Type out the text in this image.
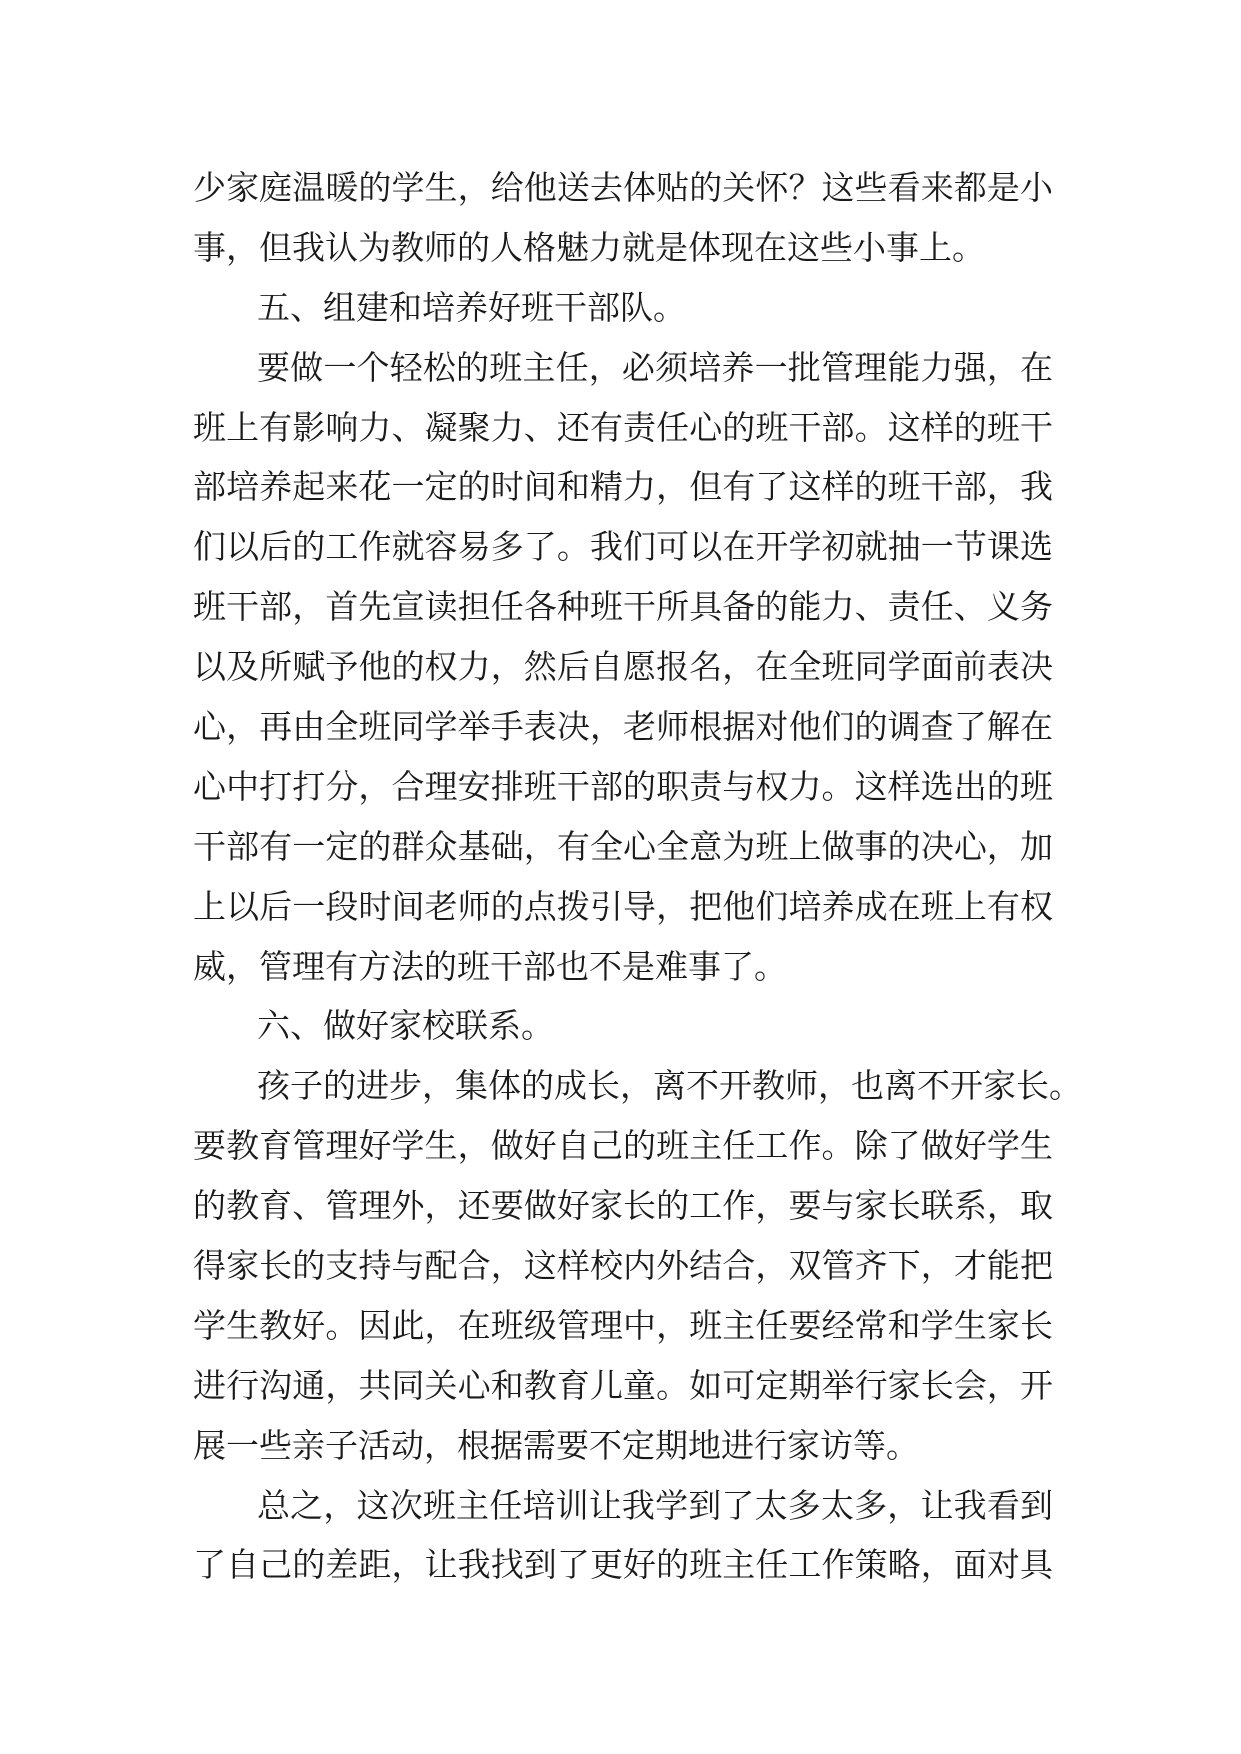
少家庭温暖的学生，给他送去体贴的关怀？这些看来都是小
事，但我认为教师的人格魅力就是体现在这些小事上。
五、组建和培养好班干部队。
要做一个轻松的班主任，必须培养一批管理能力强，在
班上有影响力、凝聚力、还有责任心的班干部。这样的班干
部培养起来花一定的时间和精力，但有了这样的班干部，我
们以后的工作就容易多了。我们可以在开学初就抽一节课选
班干部，首先宣读担任各种班干所具备的能力、责任、义务
以及所赋予他的权力，然后自愿报名，在全班同学面前表决
心，再由全班同学举手表决，老师根据对他们的调查了解在
心中打打分，合理安排班干部的职责与权力。这样选出的班
干部有一定的群众基础，有全心全意为班上做事的决心，加
上以后一段时间老师的点拨引导，把他们培养成在班上有权
威，管理有方法的班干部也不是难事了。
六、做好家校联系。
孩子的进步，集体的成长，离不开教师，也离不开家长。
要教育管理好学生，做好自己的班主任工作。除了做好学生
的教育、管理外，还要做好家长的工作，要与家长联系，取
得家长的支持与配合，这样校内外结合，双管齐下，才能把
学生教好。因此，在班级管理中，班主任要经常和学生家长
进行沟通，共同关心和教育儿童。如可定期举行家长会，开
展一些亲子活动，根据需要不定期地进行家访等。
总之，这次班主任培训让我学到了太多太多，让我看到
了自己的差距，让我找到了更好的班主任工作策略，面对具
